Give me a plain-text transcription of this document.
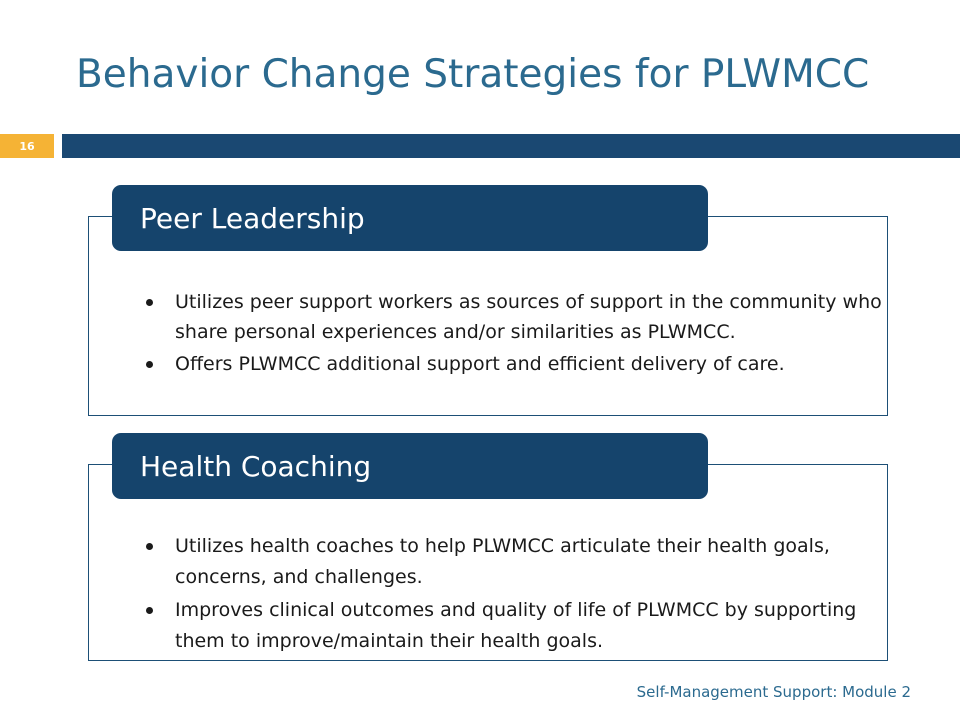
Behavior Change Strategies for PLWMCC
16
Peer Leadership
Utilizes peer support workers as sources of support in the community who share personal experiences and/or similarities as PLWMCC.
Offers PLWMCC additional support and efficient delivery of care.
Health Coaching
Utilizes health coaches to help PLWMCC articulate their health goals, concerns, and challenges.
Improves clinical outcomes and quality of life of PLWMCC by supporting them to improve/maintain their health goals.
Self-Management Support: Module 2
